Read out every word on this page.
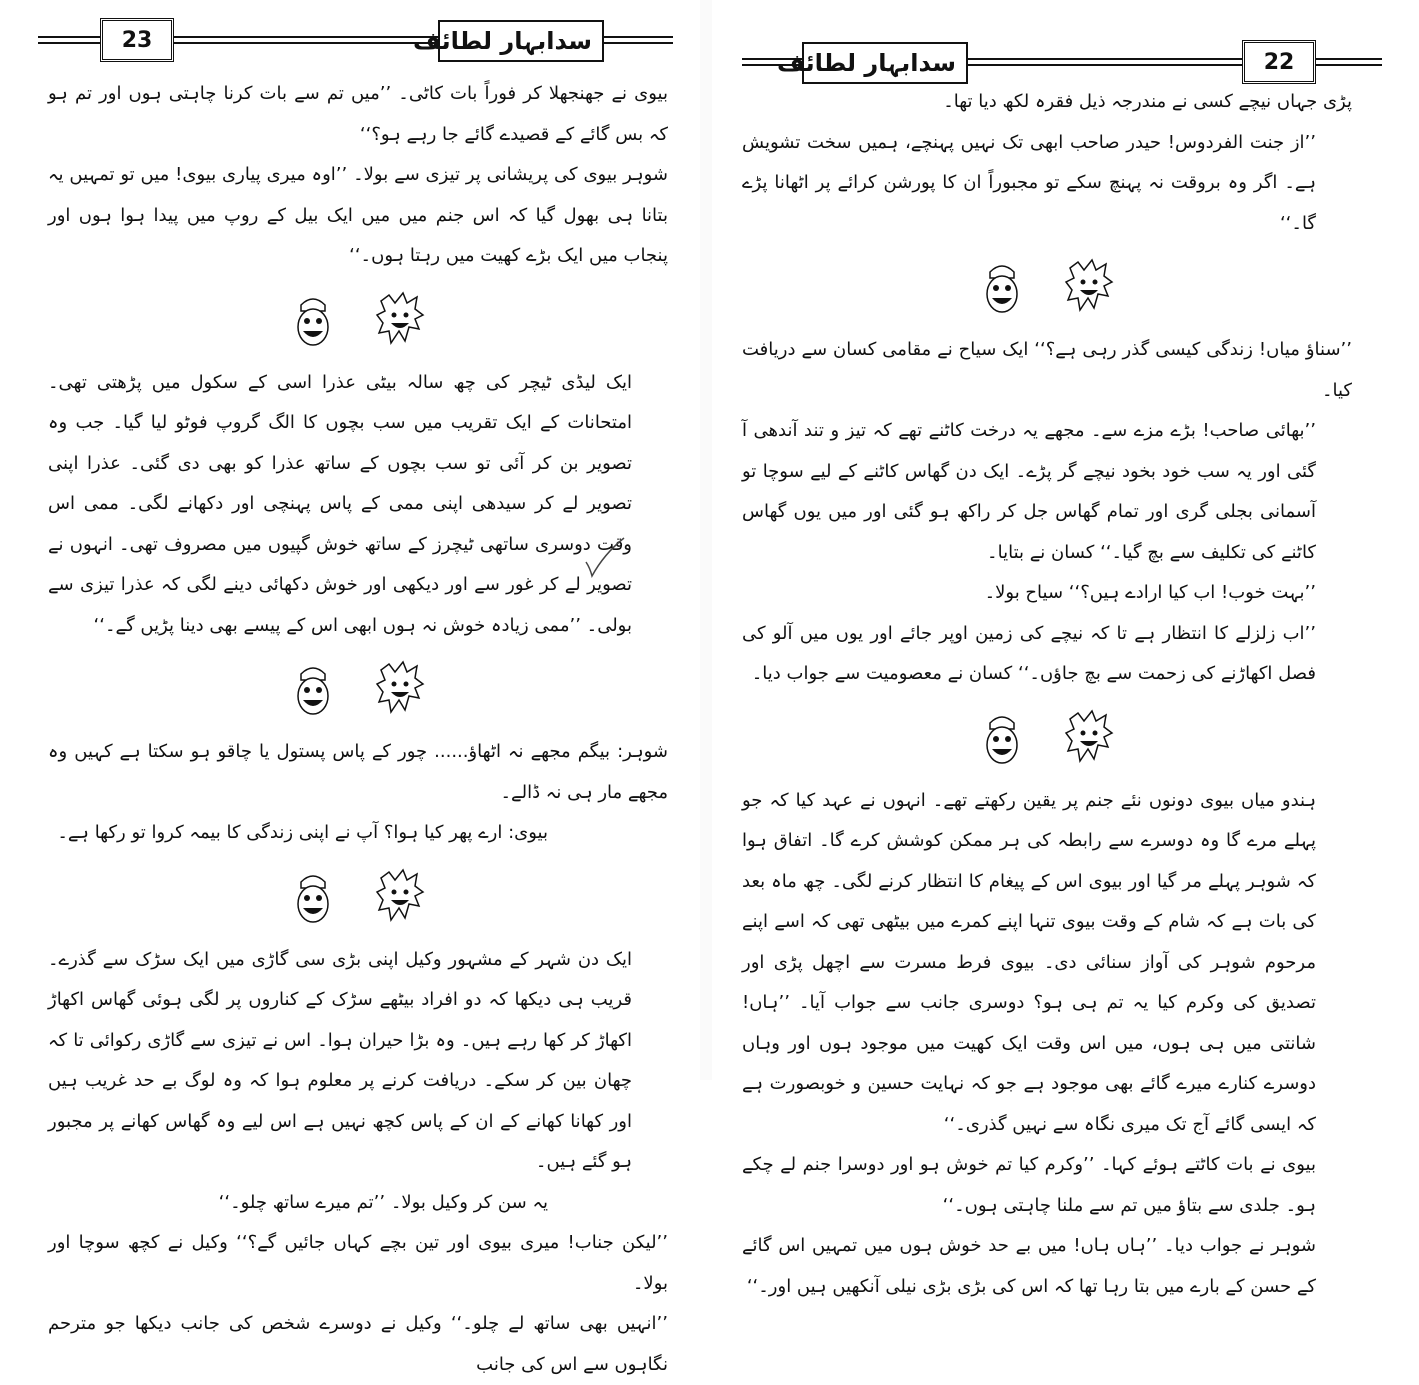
23	سدابہار لطائف

بیوی نے جھنجھلا کر فوراً بات کاٹی۔ ’’میں تم سے بات کرنا چاہتی ہوں اور تم ہو کہ بس گائے کے قصیدے گائے جا رہے ہو؟‘‘

شوہر بیوی کی پریشانی پر تیزی سے بولا۔ ’’اوہ میری پیاری بیوی! میں تو تمہیں یہ بتانا ہی بھول گیا کہ اس جنم میں میں ایک بیل کے روپ میں پیدا ہوا ہوں اور پنجاب میں ایک بڑے کھیت میں رہتا ہوں۔‘‘

ایک لیڈی ٹیچر کی چھ سالہ بیٹی عذرا اسی کے سکول میں پڑھتی تھی۔ امتحانات کے ایک تقریب میں سب بچوں کا الگ گروپ فوٹو لیا گیا۔ جب وہ تصویر بن کر آئی تو سب بچوں کے ساتھ عذرا کو بھی دی گئی۔ عذرا اپنی تصویر لے کر سیدھی اپنی ممی کے پاس پہنچی اور دکھانے لگی۔ ممی اس وقت دوسری ساتھی ٹیچرز کے ساتھ خوش گپیوں میں مصروف تھی۔ انہوں نے تصویر لے کر غور سے اور دیکھی اور خوش دکھائی دینے لگی کہ عذرا تیزی سے بولی۔ ’’ممی زیادہ خوش نہ ہوں ابھی اس کے پیسے بھی دینا پڑیں گے۔‘‘

شوہر: بیگم مجھے نہ اٹھاؤ...... چور کے پاس پستول یا چاقو ہو سکتا ہے کہیں وہ مجھے مار ہی نہ ڈالے۔

بیوی: ارے پھر کیا ہوا؟ آپ نے اپنی زندگی کا بیمہ کروا تو رکھا ہے۔

ایک دن شہر کے مشہور وکیل اپنی بڑی سی گاڑی میں ایک سڑک سے گذرے۔ قریب ہی دیکھا کہ دو افراد بیٹھے سڑک کے کناروں پر لگی ہوئی گھاس اکھاڑ اکھاڑ کر کھا رہے ہیں۔ وہ بڑا حیران ہوا۔ اس نے تیزی سے گاڑی رکوائی تا کہ چھان بین کر سکے۔ دریافت کرنے پر معلوم ہوا کہ وہ لوگ بے حد غریب ہیں اور کھانا کھانے کے ان کے پاس کچھ نہیں ہے اس لیے وہ گھاس کھانے پر مجبور ہو گئے ہیں۔

یہ سن کر وکیل بولا۔ ’’تم میرے ساتھ چلو۔‘‘

’’لیکن جناب! میری بیوی اور تین بچے کہاں جائیں گے؟‘‘ وکیل نے کچھ سوچا اور بولا۔

’’انہیں بھی ساتھ لے چلو۔‘‘ وکیل نے دوسرے شخص کی جانب دیکھا جو مترحم نگاہوں سے اس کی جانب

سدابہار لطائف	22

پڑی جہاں نیچے کسی نے مندرجہ ذیل فقرہ لکھ دیا تھا۔

’’از جنت الفردوس! حیدر صاحب ابھی تک نہیں پہنچے، ہمیں سخت تشویش ہے۔ اگر وہ بروقت نہ پہنچ سکے تو مجبوراً ان کا پورشن کرائے پر اٹھانا پڑے گا۔‘‘

’’سناؤ میاں! زندگی کیسی گذر رہی ہے؟‘‘ ایک سیاح نے مقامی کسان سے دریافت کیا۔

’’بھائی صاحب! بڑے مزے سے۔ مجھے یہ درخت کاٹنے تھے کہ تیز و تند آندھی آ گئی اور یہ سب خود بخود نیچے گر پڑے۔ ایک دن گھاس کاٹنے کے لیے سوچا تو آسمانی بجلی گری اور تمام گھاس جل کر راکھ ہو گئی اور میں یوں گھاس کاٹنے کی تکلیف سے بچ گیا۔‘‘ کسان نے بتایا۔

’’بہت خوب! اب کیا ارادے ہیں؟‘‘ سیاح بولا۔

’’اب زلزلے کا انتظار ہے تا کہ نیچے کی زمین اوپر جائے اور یوں میں آلو کی فصل اکھاڑنے کی زحمت سے بچ جاؤں۔‘‘ کسان نے معصومیت سے جواب دیا۔

ہندو میاں بیوی دونوں نئے جنم پر یقین رکھتے تھے۔ انہوں نے عہد کیا کہ جو پہلے مرے گا وہ دوسرے سے رابطہ کی ہر ممکن کوشش کرے گا۔ اتفاق ہوا کہ شوہر پہلے مر گیا اور بیوی اس کے پیغام کا انتظار کرنے لگی۔ چھ ماہ بعد کی بات ہے کہ شام کے وقت بیوی تنہا اپنے کمرے میں بیٹھی تھی کہ اسے اپنے مرحوم شوہر کی آواز سنائی دی۔ بیوی فرط مسرت سے اچھل پڑی اور تصدیق کی وکرم کیا یہ تم ہی ہو؟ دوسری جانب سے جواب آیا۔ ’’ہاں! شانتی میں ہی ہوں، میں اس وقت ایک کھیت میں موجود ہوں اور وہاں دوسرے کنارے میرے گائے بھی موجود ہے جو کہ نہایت حسین و خوبصورت ہے کہ ایسی گائے آج تک میری نگاہ سے نہیں گذری۔‘‘

بیوی نے بات کاٹتے ہوئے کہا۔ ’’وکرم کیا تم خوش ہو اور دوسرا جنم لے چکے ہو۔ جلدی سے بتاؤ میں تم سے ملنا چاہتی ہوں۔‘‘

شوہر نے جواب دیا۔ ’’ہاں ہاں! میں بے حد خوش ہوں میں تمہیں اس گائے کے حسن کے بارے میں بتا رہا تھا کہ اس کی بڑی بڑی نیلی آنکھیں ہیں اور۔‘‘
